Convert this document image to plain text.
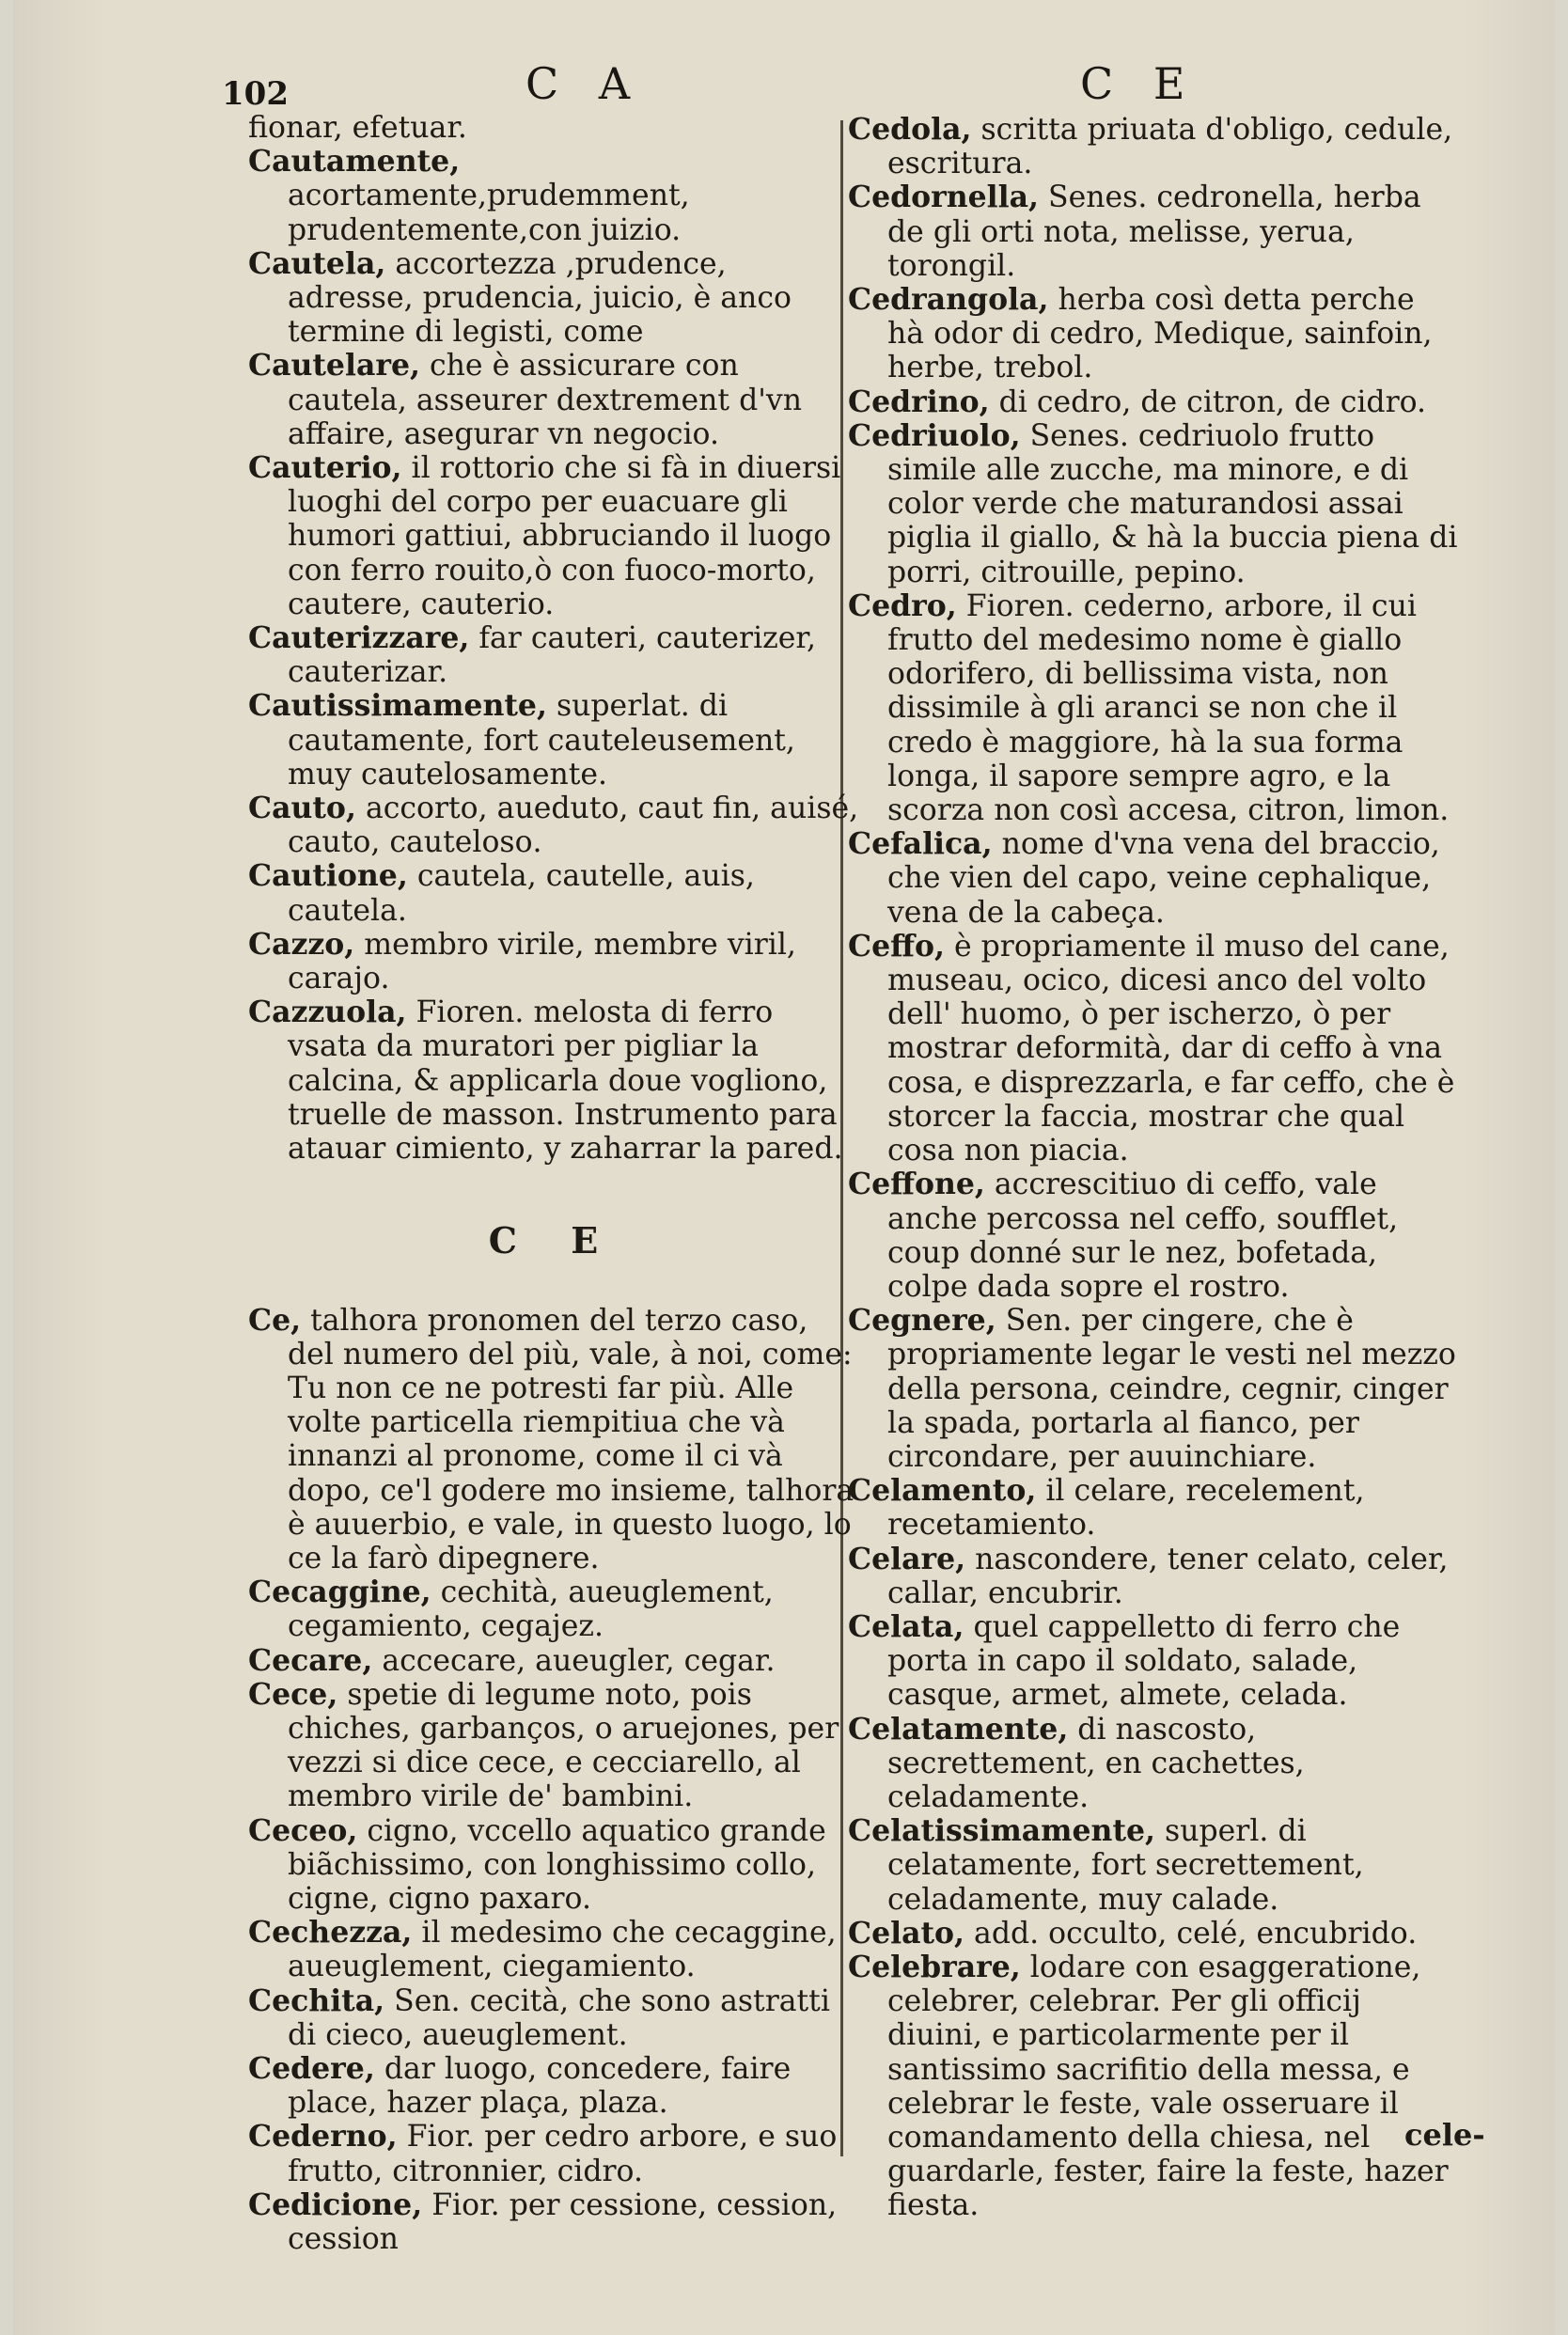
102	C A	C E

fionar, efetuar.

Cautamente, acortamente,prudemment, prudentemente,con juizio.

Cautela, accortezza ,prudence, adresse, prudencia, juicio, è anco termine di legisti, come

Cautelare, che è assicurare con cautela, asseurer dextrement d'vn affaire, asegurar vn negocio.

Cauterio, il rottorio che si fà in diuersi luoghi del corpo per euacuare gli humori gattiui, abbruciando il luogo con ferro rouito,ò con fuoco-morto, cautere, cauterio.

Cauterizzare, far cauteri, cauterizer, cauterizar.

Cautissimamente, superlat. di cautamente, fort cauteleusement, muy cautelosamente.

Cauto, accorto, aueduto, caut fin, auisé, cauto, cautelosо.

Cautione, cautela, cautelle, auis, cautela.

Cazzo, membro virile, membre viril, carajo.

Cazzuola, Fioren. melosta di ferro vsata da muratori per pigliar la calcina, & applicarla doue vogliono, truelle de masson. Instrumento para atauar cimiento, y zaharrar la pared.

C E

Ce, talhora pronomen del terzo caso, del numero del più, vale, à noi, come: Tu non ce ne potresti far più. Alle volte particella riempitiua che và innanzi al pronome, come il ci và dopo, ce'l godere mo insieme, talhora è auuerbio, e vale, in questo luogo, lo ce la farò dipegnere.

Cecaggine, cechità, aueuglement, cegamiento, cegajez.

Cecare, accecare, aueugler, cegar.

Cece, spetie di legume noto, pois chiches, garbanços, o aruejones, per vezzi si dice cece, e cecciarello, al membro virile de' bambini.

Ceceo, cigno, vccello aquatico grande biãchissimo, con longhissimo collo, cigne, cigno paxaro.

Cechezza, il medesimo che cecaggine, aueuglement, ciegamiento.

Cechita, Sen. cecità, che sono astratti di cieco, aueuglement.

Cedere, dar luogo, concedere, faire place, hazer plaça, plaza.

Cederno, Fior. per cedro arbore, e suo frutto, citronnier, cidro.

Cedicione, Fior. per cessione, cession, cession

Cedola, scritta priuata d'obligo, cedule, escritura.

Cedornella, Senes. cedronella, herba de gli orti nota, melisse, yerua, torongil.

Cedrangola, herba così detta perche hà odor di cedro, Medique, sainfoin, herbe, trebol.

Cedrino, di cedro, de citron, de cidro.

Cedriuolo, Senes. cedriuolo frutto simile alle zucche, ma minore, e di color verde che maturandosi assai piglia il giallo, & hà la buccia piena di porri, citrouille, pepino.

Cedro, Fioren. cederno, arbore, il cui frutto del medesimo nome è giallo odorifero, di bellissima vista, non dissimile à gli aranci se non che il credo è maggiore, hà la sua forma longa, il sapore sempre agro, e la scorza non così accesa, citron, limon.

Cefalica, nome d'vna vena del braccio, che vien del capo, veine cephalique, vena de la cabeça.

Ceffo, è propriamente il muso del cane, museau, ocico, dicesi anco del volto dell' huomo, ò per ischerzo, ò per mostrar deformità, dar di ceffo à vna cosa, e disprezzarla, e far ceffo, che è storcer la faccia, mostrar che qual cosa non piacia.

Ceffone, accrescitiuo di ceffo, vale anche percossa nel ceffo, soufflet, coup donné sur le nez, bofetada, colpe dada sopre el rostro.

Cegnere, Sen. per cingere, che è propriamente legar le vesti nel mezzo della persona, ceindre, cegnir, cinger la spada, portarla al fianco, per circondare, per auuinchiare.

Celamento, il celare, recelement, recetamiento.

Celare, nascondere, tener celato, celer, callar, encubrir.

Celata, quel cappelletto di ferro che porta in capo il soldato, salade, casque, armet, almete, celada.

Celatamente, di nascosto, secrettement, en cachettes, celadamente.

Celatissimamente, superl. di celatamente, fort secrettement, celadamente, muy calade.

Celato, add. occulto, celé, encubrido.

Celebrare, lodare con esaggeratione, celebrer, celebrar. Per gli officij diuini, e particolarmente per il santissimo sacrifitio della messa, e celebrar le feste, vale osseruare il comandamento della chiesa, nel guardarle, fester, faire la feste, hazer fiesta.

cele-
